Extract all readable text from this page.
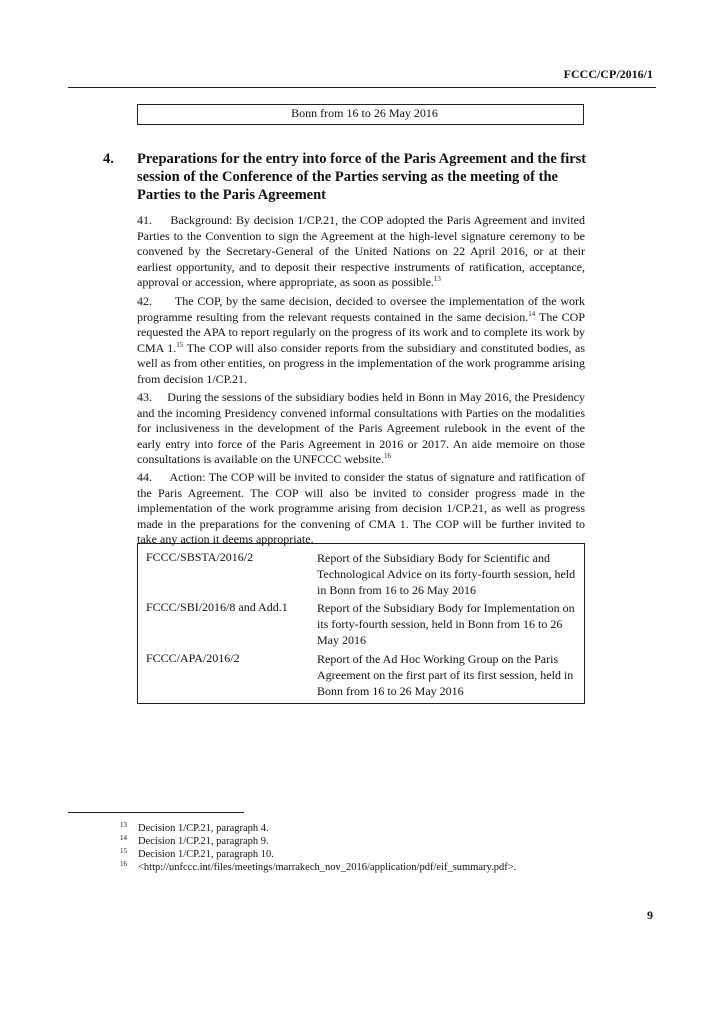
FCCC/CP/2016/1
Bonn from 16 to 26 May 2016
4. Preparations for the entry into force of the Paris Agreement and the first session of the Conference of the Parties serving as the meeting of the Parties to the Paris Agreement

41.     Background: By decision 1/CP.21, the COP adopted the Paris Agreement and invited Parties to the Convention to sign the Agreement at the high-level signature ceremony to be convened by the Secretary-General of the United Nations on 22 April 2016, or at their earliest opportunity, and to deposit their respective instruments of ratification, acceptance, approval or accession, where appropriate, as soon as possible.$^{13}$

42.      The COP, by the same decision, decided to oversee the implementation of the work programme resulting from the relevant requests contained in the same decision.$^{14}$ The COP requested the APA to report regularly on the progress of its work and to complete its work by CMA 1.15 The COP will also consider reports from the subsidiary and constituted bodies, as well as from other entities, on progress in the implementation of the work programme arising from decision 1/CP.21.

43.     During the sessions of the subsidiary bodies held in Bonn in May 2016, the Presidency and the incoming Presidency convened informal consultations with Parties on the modalities for inclusiveness in the development of the Paris Agreement rulebook in the event of the early entry into force of the Paris Agreement in 2016 or 2017. An aide memoire on those consultations is available on the UNFCCC website.$^{16}$

44.     Action: The COP will be invited to consider the status of signature and ratification of the Paris Agreement. The COP will also be invited to consider progress made in the implementation of the work programme arising from decision 1/CP.21, as well as progress made in the preparations for the convening of CMA 1. The COP will be further invited to take any action it deems appropriate.

FCCC/SBSTA/2016/2	Report of the Subsidiary Body for Scientific and Technological Advice on its forty-fourth session, held in Bonn from 16 to 26 May 2016
FCCC/SBI/2016/8 and Add.1 Report of the Subsidiary Body for Implementation on its forty-fourth session, held in Bonn from 16 to 26 May 2016
FCCC/APA/2016/2	Report of the Ad Hoc Working Group on the Paris Agreement on the first part of its first session, held in Bonn from 16 to 26 May 2016
13 Decision 1/CP.21, paragraph 4.
14 Decision 1/CP.21, paragraph 9.
15 Decision 1/CP.21, paragraph 10.
16 <http://unfccc.int/files/meetings/marrakech_nov_2016/application/pdf/eif_summary.pdf>.
9
